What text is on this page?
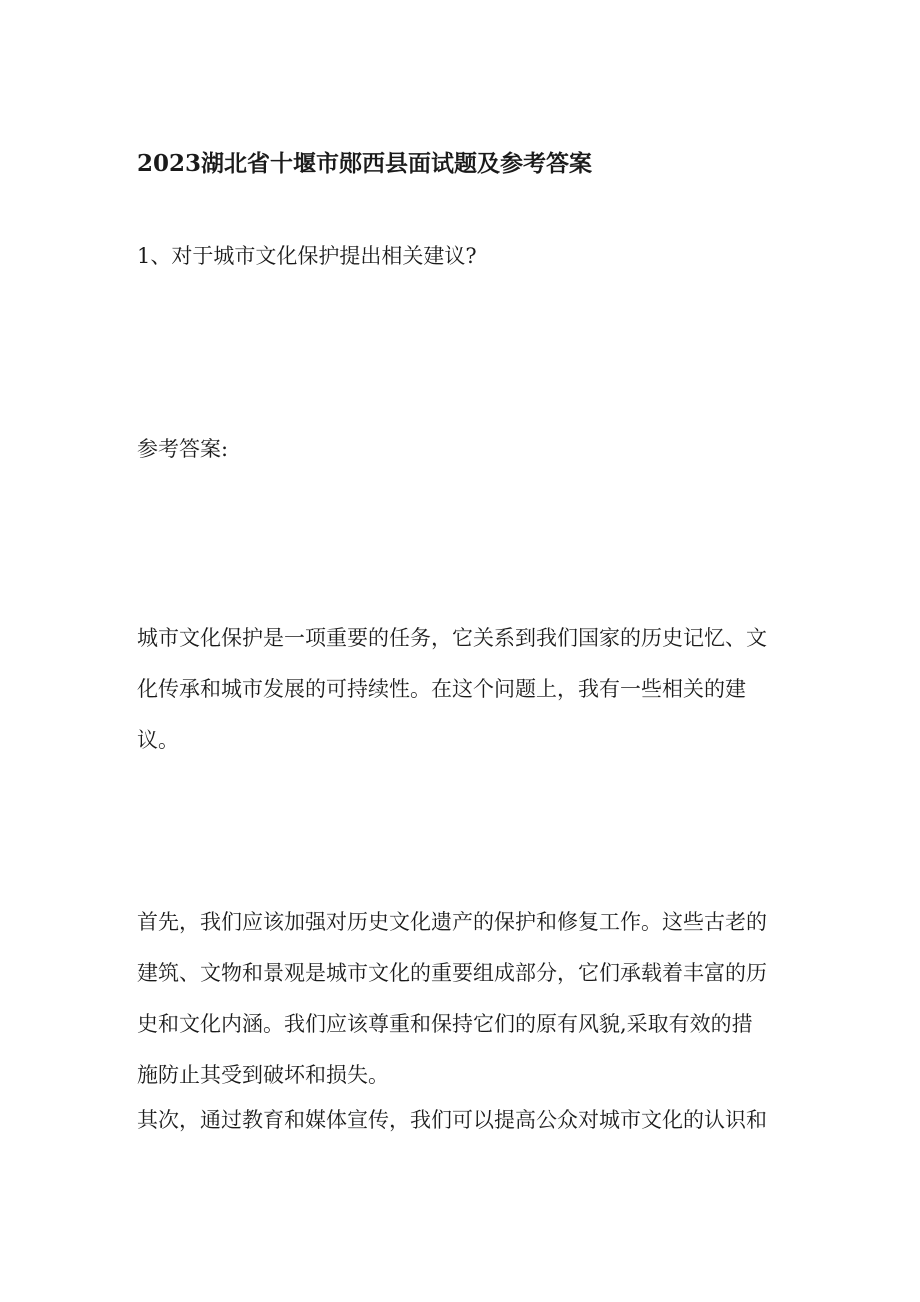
2023湖北省十堰市郧西县面试题及参考答案
1、对于城市文化保护提出相关建议?
参考答案:
城市文化保护是一项重要的任务，它关系到我们国家的历史记忆、文
化传承和城市发展的可持续性。在这个问题上，我有一些相关的建
议。
首先，我们应该加强对历史文化遗产的保护和修复工作。这些古老的
建筑、文物和景观是城市文化的重要组成部分，它们承载着丰富的历
史和文化内涵。我们应该尊重和保持它们的原有风貌,采取有效的措
施防止其受到破坏和损失。
其次，通过教育和媒体宣传，我们可以提高公众对城市文化的认识和
